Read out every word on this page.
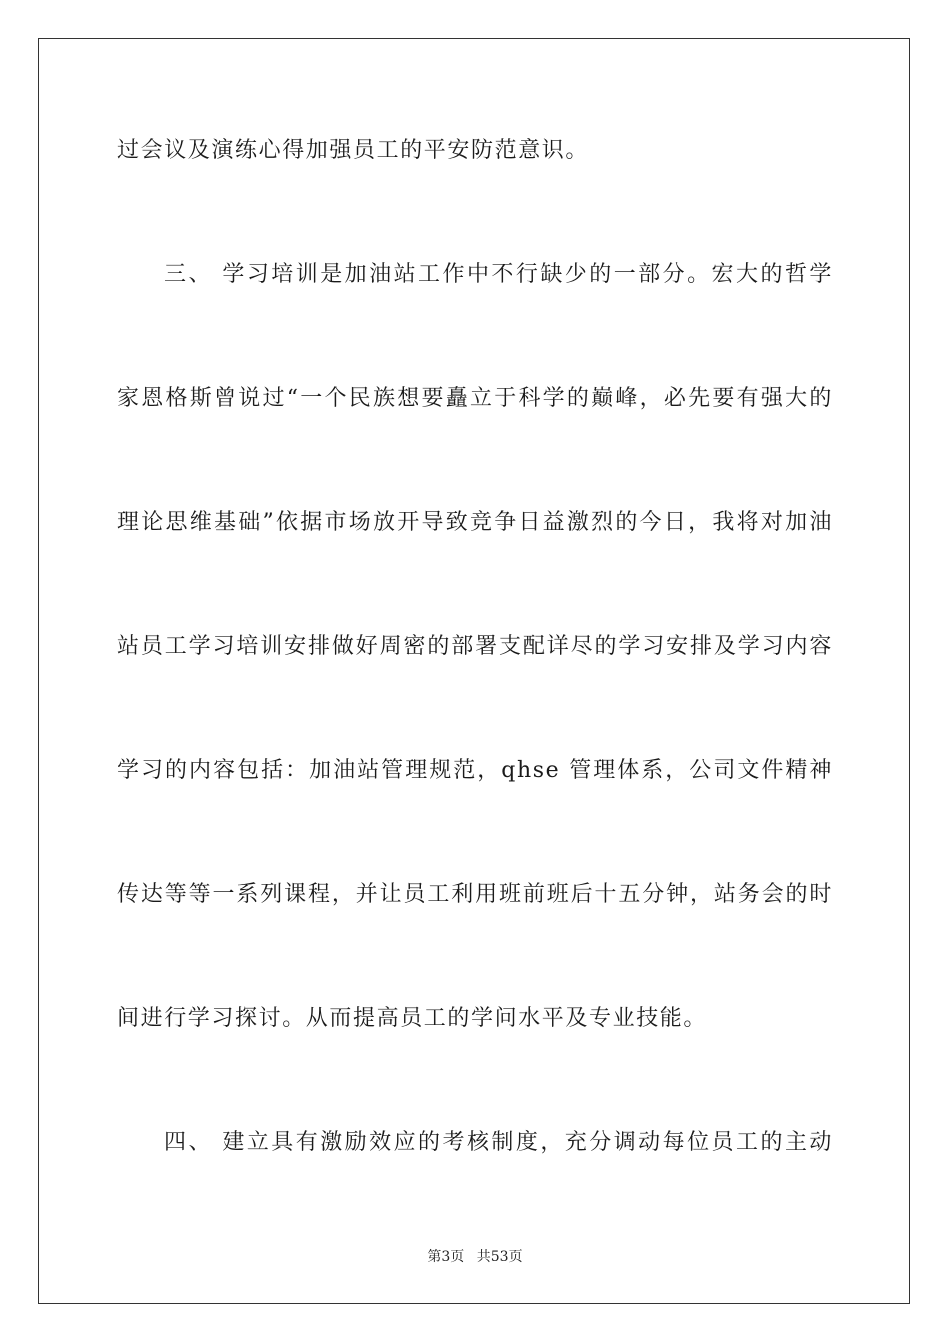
过会议及演练心得加强员工的平安防范意识。
三、 学习培训是加油站工作中不行缺少的一部分。宏大的哲学
家恩格斯曾说过“一个民族想要矗立于科学的巅峰，必先要有强大的
理论思维基础”依据市场放开导致竞争日益激烈的今日，我将对加油
站员工学习培训安排做好周密的部署支配详尽的学习安排及学习内容
学习的内容包括：加油站管理规范，qhse 管理体系，公司文件精神
传达等等一系列课程，并让员工利用班前班后十五分钟，站务会的时
间进行学习探讨。从而提高员工的学问水平及专业技能。
四、 建立具有激励效应的考核制度，充分调动每位员工的主动
第3页 共53页
